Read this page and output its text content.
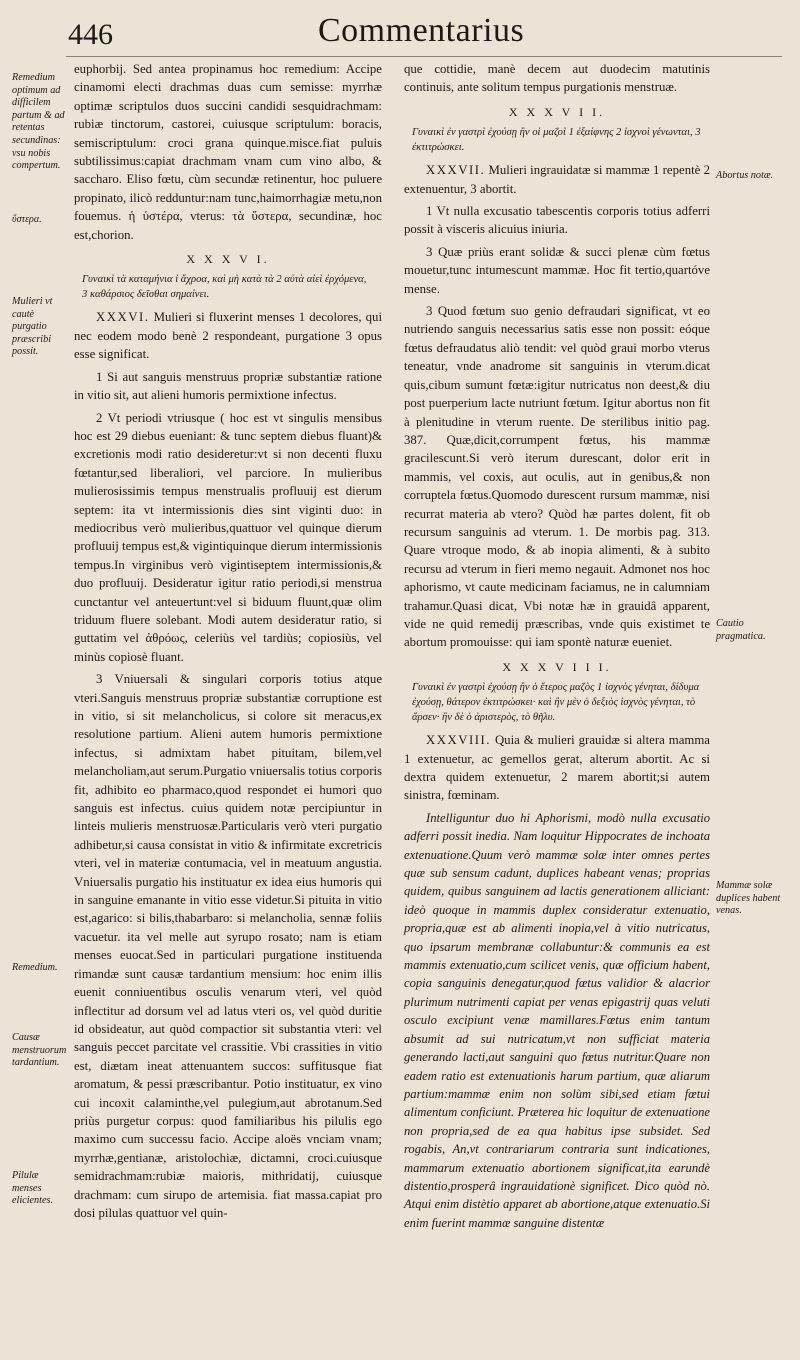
446	Commentarius
Remedium optimum ad difficilem partum & ad retentas secundinas: vsu nobis compertum.
ὕστερα.
Mulieri vt cautè purgatio præscribi possit.
Remedium.
Causæ menstruorum tardantium.
Pilulæ menses elicientes.
Abortus notæ.
Cautio pragmatica.
Mammæ solæ duplices habent venas.

euphorbij. Sed antea propinamus hoc remedium: Accipe cinamomi electi drachmas duas cum semisse: myrrhæ optimæ scriptulos duos succini candidi sesquidrachmam: rubiæ tinctorum, castorei, cuiusque scriptulum: boracis, semiscriptulum: croci grana quinque.misce.fiat puluis subtilissimus:capiat drachmam vnam cum vino albo, & saccharo. Eliso fœtu, cùm secundæ retinentur, hoc puluere propinato, ilicò redduntur:nam tunc,haimorrhagiæ metu,non fouemus. ἡ ὑστέρα, vterus: τὰ ὕστερα, secundinæ, hoc est,chorion.

X X X V I.
Γυναικὶ τὰ καταμήνια ἰ ἄχροα, καὶ μὴ κατὰ τὰ 2 αὐτὰ αἰεὶ ἐρχόμενα, 3 καθάρσιος δεῖσθαι σημαίνει.

XXXVI. Mulieri si fluxerint menses 1 decolores, qui nec eodem modo benè 2 respondeant, purgatione 3 opus esse significat.

1 Si aut sanguis menstruus propriæ substantiæ ratione in vitio sit, aut alieni humoris permixtione infectus.

2 Vt periodi vtriusque ( hoc est vt singulis mensibus hoc est 29 diebus eueniant: & tunc septem diebus fluant)& excretionis modi ratio desideretur:vt si non decenti fluxu fœtantur,sed liberaliori, vel parciore. In mulieribus mulierosissimis tempus menstrualis profluuij est dierum septem: ita vt intermissionis dies sint viginti duo: in mediocribus verò mulieribus,quattuor vel quinque dierum profluuij tempus est,& vigintiquinque dierum intermissionis tempus.In virginibus verò vigintiseptem intermissionis,& duo profluuij. Desideratur igitur ratio periodi,si menstrua cunctantur vel anteuertunt:vel si biduum fluunt,quæ olim triduum fluere solebant. Modi autem desideratur ratio, si guttatim vel ἀθρόως, celeriùs vel tardiùs; copiosiùs, vel minùs copiosè fluant.

3 Vniuersali & singulari corporis totius atque vteri.Sanguis menstruus propriæ substantiæ corruptione est in vitio, si sit melancholicus, si colore sit meracus,ex resolutione partium. Alieni autem humoris permixtione infectus, si admixtam habet pituitam, bilem,vel melancholiam,aut serum.Purgatio vniuersalis totius corporis fit, adhibito eo pharmaco,quod respondet ei humori quo sanguis est infectus. cuius quidem notæ percipiuntur in linteis mulieris menstruosæ.Particularis verò vteri purgatio adhibetur,si causa consistat in vitio & infirmitate excretricis vteri, vel in materiæ contumacia, vel in meatuum angustia. Vniuersalis purgatio his instituatur ex idea eius humoris qui in sanguine emanante in vitio esse videtur.Si pituita in vitio est,agarico: si bilis,thabarbaro: si melancholia, sennæ foliis vacuetur. ita vel melle aut syrupo rosato; nam is etiam menses euocat.Sed in particulari purgatione instituenda rimandæ sunt causæ tardantium mensium: hoc enim illis euenit conniuentibus osculis venarum vteri, vel quòd inflectitur ad dorsum vel ad latus vteri os, vel quòd duritie id obsideatur, aut quòd compactior sit substantia vteri: vel sanguis peccet parcitate vel crassitie. Vbi crassities in vitio est, diætam ineat attenuantem succos: suffitusque fiat aromatum, & pessi præscribantur. Potio instituatur, ex vino cui incoxit calaminthe,vel pulegium,aut abrotanum.Sed priùs purgetur corpus: quod familiaribus his pilulis ego maximo cum successu facio. Accipe aloës vnciam vnam; myrrhæ,gentianæ, aristolochiæ, dictamni, croci.cuiusque semidrachmam:rubiæ maioris, mithridatij, cuiusque drachmam: cum sirupo de artemisia. fiat massa.capiat pro dosi pilulas quattuor vel quin-

que cottidie, manè decem aut duodecim matutinis continuis, ante solitum tempus purgationis menstruæ.

X X X V I I.
Γυναικὶ ἐν γαστρὶ ἐχούσῃ ἢν οἱ μαζοὶ 1 ἐξαίφνης 2 ἰσχνοὶ γένωνται, 3 ἐκτιτρώσκει.

XXXVII. Mulieri ingrauidatæ si mammæ 1 repentè 2 extenuentur, 3 abortit.

1 Vt nulla excusatio tabescentis corporis totius adferri possit à visceris alicuius iniuria.

3 Quæ priùs erant solidæ & succi plenæ cùm fœtus mouetur,tunc intumescunt mammæ. Hoc fit tertio,quartóve mense.

3 Quod fœtum suo genio defraudari significat, vt eo nutriendo sanguis necessarius satis esse non possit: eóque fœtus defraudatus aliò tendit: vel quòd graui morbo vterus teneatur, vnde anadrome sit sanguinis in vterum.dicat quis,cibum sumunt fœtæ:igitur nutricatus non deest,& diu post puerperium lacte nutriunt fœtum. Igitur abortus non fit à plenitudine in vterum ruente. De sterilibus initio pag. 387. Quæ,dicit,corrumpent fœtus, his mammæ gracilescunt.Si verò iterum durescant, dolor erit in mammis, vel coxis, aut oculis, aut in genibus,& non corruptela fœtus.Quomodo durescent rursum mammæ, nisi recurrat materia ab vtero? Quòd hæ partes dolent, fit ob recursum sanguinis ad vterum. 1. De morbis pag. 313. Quare vtroque modo, & ab inopia alimenti, & à subito recursu ad vterum in fieri memo negauit. Admonet nos hoc aphorismo, vt caute medicinam faciamus, ne in calumniam trahamur.Quasi dicat, Vbi notæ hæ in grauidâ apparent, vide ne quid remedij præscribas, vnde quis existimet te abortum promouisse: qui iam spontè naturæ eueniet.

X X X V I I I.
Γυναικὶ ἐν γαστρὶ ἐχούσῃ ἢν ὁ ἕτερος μαζὸς 1 ἰσχνὸς γένηται, δίδυμα ἐχούσῃ, θάτερον ἐκτιτρώσκει· καὶ ἢν μὲν ὁ δεξιὸς ἰσχνὸς γένηται, τὸ ἄρσεν· ἢν δὲ ὁ ἀριστερὸς, τὸ θῆλυ.

XXXVIII. Quia & mulieri grauidæ si altera mamma 1 extenuetur, ac gemellos gerat, alterum abortit. Ac si dextra quidem extenuetur, 2 marem abortit;si autem sinistra, fœminam.

Intelliguntur duo hi Aphorismi, modò nulla excusatio adferri possit inedia. Nam loquitur Hippocrates de inchoata extenuatione.Quum verò mammæ solæ inter omnes pertes quæ sub sensum cadunt, duplices habeant venas; proprias quidem, quibus sanguinem ad lactis generationem alliciant: ideò quoque in mammis duplex consideratur extenuatio, propria,quæ est ab alimenti inopia,vel à vitio nutricatus, quo ipsarum membranæ collabuntur:& communis ea est mammis extenuatio,cum scilicet venis, quæ officium habent, copia sanguinis denegatur,quod fœtus validior & alacrior plurimum nutrimenti capiat per venas epigastrij quas veluti osculo excipiunt venæ mamillares.Fœtus enim tantum absumit ad sui nutricatum,vt non sufficiat materia generando lacti,aut sanguini quo fœtus nutritur.Quare non eadem ratio est extenuationis harum partium, quæ aliarum partium:mammæ enim non solùm sibi,sed etiam fœtui alimentum conficiunt. Præterea hic loquitur de extenuatione non propria,sed de ea qua habitus ipse subsidet. Sed rogabis, An,vt contrariarum contraria sunt indicationes, mammarum extenuatio abortionem significat,ita earundè distentio,prosperâ ingrauidationè significet. Dico quòd nò. Atqui enim distètio apparet ab abortione,atque extenuatio.Si enim fuerint mammæ sanguine distentæ
